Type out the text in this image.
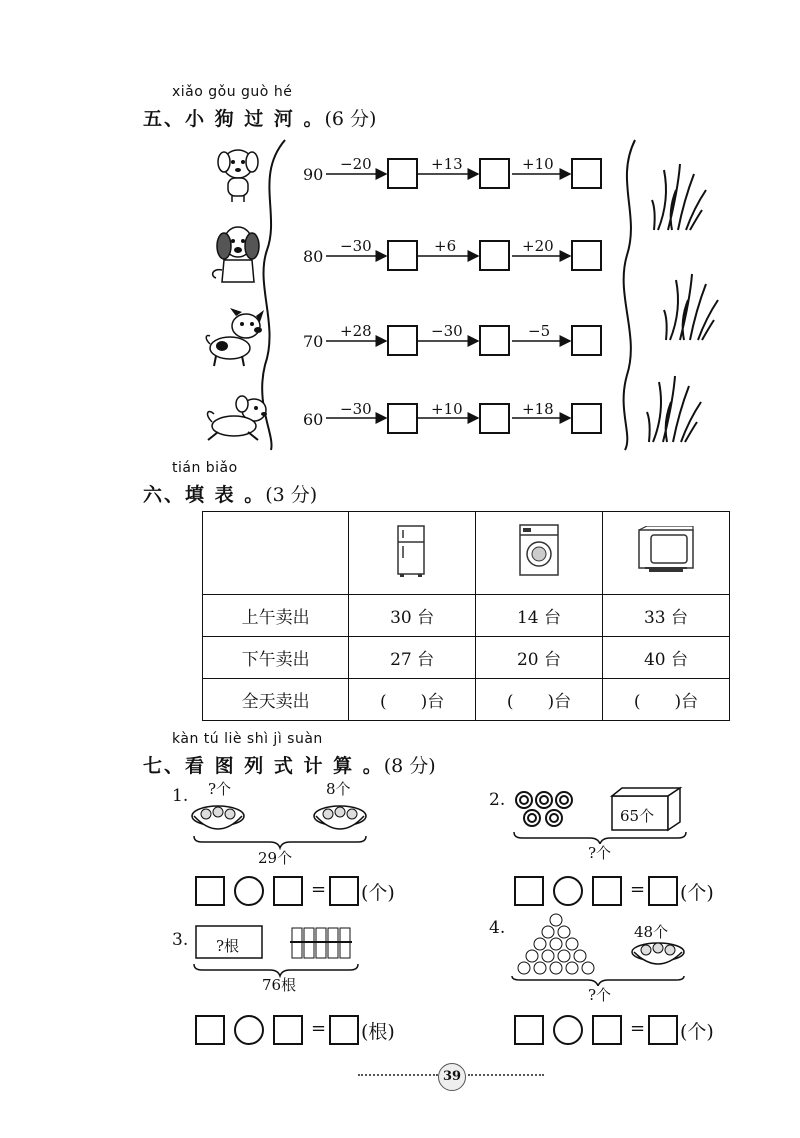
xiǎo gǒu guò hé
五、小 狗 过 河 。(6 分)
90
−20	+13	+10
80
−30	+6	+20
70
+28	−30	−5
60
−30	+10	+18
tián biǎo
六、填 表 。(3 分)

上午卖出	30 台	14 台	33 台
下午卖出	27 台	20 台	40 台
全天卖出	(　　)台	(　　)台	(　　)台
kàn tú liè shì jì suàn
七、看 图 列 式 计 算 。(8 分)
1. ?个	8个
29个
= (个)
2.
65个
?个
= (个)
3. ?根
76根
= (根)
4.	48个
?个
= (个)
39
